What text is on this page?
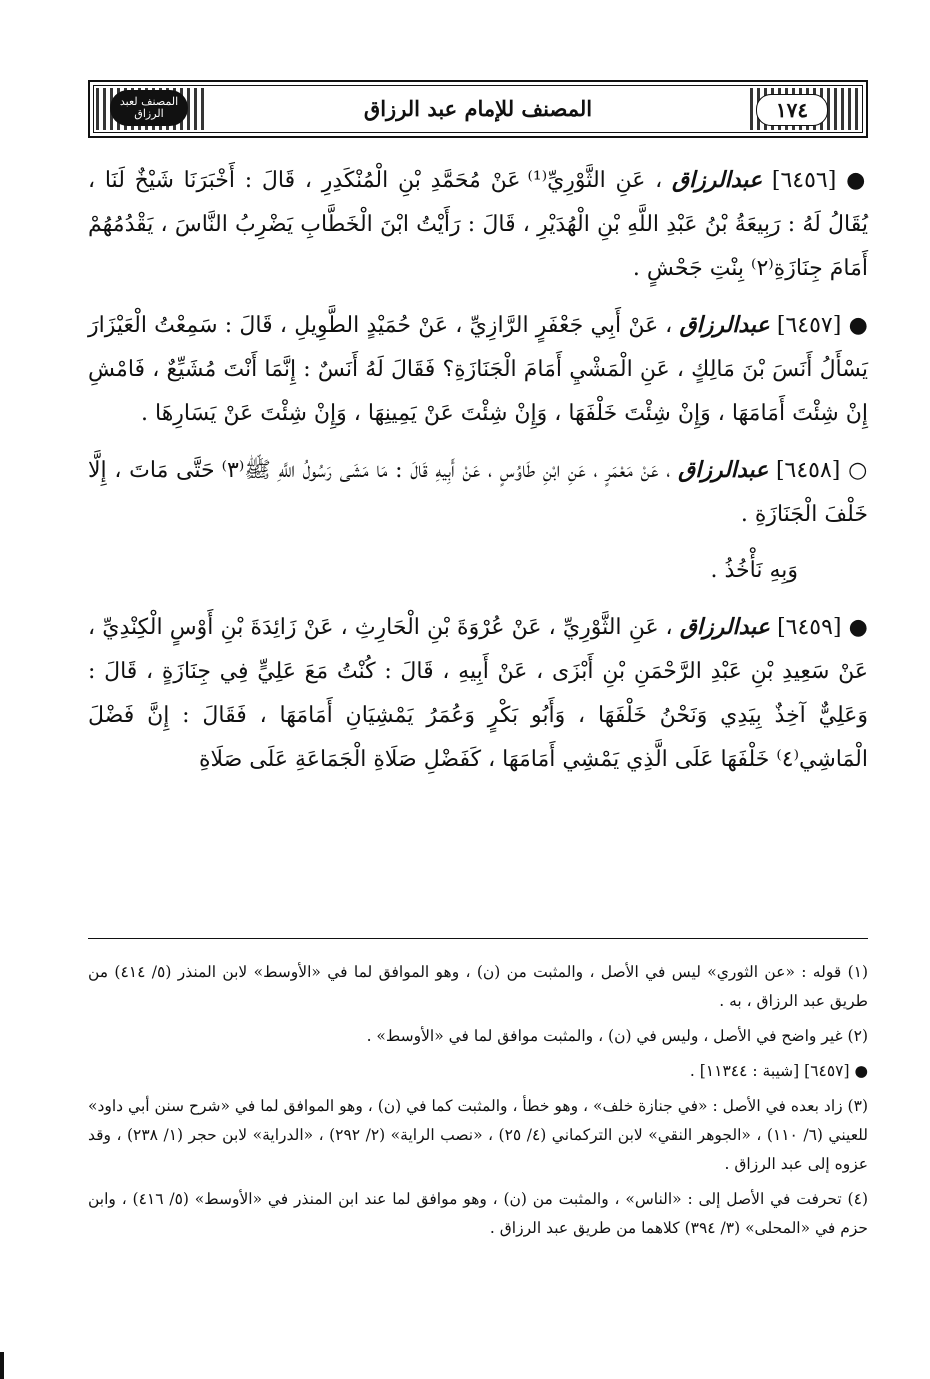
المصنف لعبد الرزاق	١٧٤
المصنف للإمام عبد الرزاق

● [٦٤٥٦] عبدالرزاق ، عَنِ الثَّوْرِيِّ⁽¹⁾ عَنْ مُحَمَّدِ بْنِ الْمُنْكَدِرِ ، قَالَ : أَخْبَرَنَا شَيْخٌ لَنَا ، يُقَالُ لَهُ : رَبِيعَةُ بْنُ عَبْدِ اللَّهِ بْنِ الْهُدَيْرِ ، قَالَ : رَأَيْتُ ابْنَ الْخَطَّابِ يَضْرِبُ النَّاسَ ، يَقْدُمُهُمْ أَمَامَ جِنَازَةِ⁽٢⁾ بِنْتِ جَحْشٍ .

● [٦٤٥٧] عبدالرزاق ، عَنْ أَبِي جَعْفَرٍ الرَّازِيِّ ، عَنْ حُمَيْدٍ الطَّوِيلِ ، قَالَ : سَمِعْتُ الْعَيْزَارَ يَسْأَلُ أَنَسَ بْنَ مَالِكٍ ، عَنِ الْمَشْيِ أَمَامَ الْجَنَازَةِ؟ فَقَالَ لَهُ أَنَسٌ : إِنَّمَا أَنْتَ مُشَيِّعٌ ، فَامْشِ إِنْ شِئْتَ أَمَامَهَا ، وَإِنْ شِئْتَ خَلْفَهَا ، وَإِنْ شِئْتَ عَنْ يَمِينِهَا ، وَإِنْ شِئْتَ عَنْ يَسَارِهَا .

○ [٦٤٥٨] عبدالرزاق ، عَنْ مَعْمَرٍ ، عَنِ ابْنِ طَاوُسٍ ، عَنْ أَبِيهِ قَالَ : مَا مَشَى رَسُولُ اللَّهِ ﷺ⁽٣⁾ حَتَّى مَاتَ ، إِلَّا خَلْفَ الْجَنَازَةِ .

وَبِهِ نَأْخُذُ .

● [٦٤٥٩] عبدالرزاق ، عَنِ الثَّوْرِيِّ ، عَنْ عُرْوَةَ بْنِ الْحَارِثِ ، عَنْ زَائِدَةَ بْنِ أَوْسٍ الْكِنْدِيِّ ، عَنْ سَعِيدِ بْنِ عَبْدِ الرَّحْمَنِ بْنِ أَبْزَى ، عَنْ أَبِيهِ ، قَالَ : كُنْتُ مَعَ عَلِيٍّ فِي جِنَازَةٍ ، قَالَ : وَعَلِيٌّ آخِذٌ بِيَدِي وَنَحْنُ خَلْفَهَا ، وَأَبُو بَكْرٍ وَعُمَرُ يَمْشِيَانِ أَمَامَهَا ، فَقَالَ : إِنَّ فَضْلَ الْمَاشِي⁽٤⁾ خَلْفَهَا عَلَى الَّذِي يَمْشِي أَمَامَهَا ، كَفَضْلِ صَلَاةِ الْجَمَاعَةِ عَلَى صَلَاةِ

(١) قوله : «عن الثوري» ليس في الأصل ، والمثبت من (ن) ، وهو الموافق لما في «الأوسط» لابن المنذر (٥/ ٤١٤) من طريق عبد الرزاق ، به .

(٢) غير واضح في الأصل ، وليس في (ن) ، والمثبت موافق لما في «الأوسط» .

● [٦٤٥٧] [شيبة : ١١٣٤٤] .

(٣) زاد بعده في الأصل : «في جنازة خلف» ، وهو خطأ ، والمثبت كما في (ن) ، وهو الموافق لما في «شرح سنن أبي داود» للعيني (٦/ ١١٠) ، «الجوهر النقي» لابن التركماني (٤/ ٢٥) ، «نصب الراية» (٢/ ٢٩٢) ، «الدراية» لابن حجر (١/ ٢٣٨) ، وقد عزوه إلى عبد الرزاق .

(٤) تحرفت في الأصل إلى : «الناس» ، والمثبت من (ن) ، وهو موافق لما عند ابن المنذر في «الأوسط» (٥/ ٤١٦) ، وابن حزم في «المحلى» (٣/ ٣٩٤) كلاهما من طريق عبد الرزاق .
